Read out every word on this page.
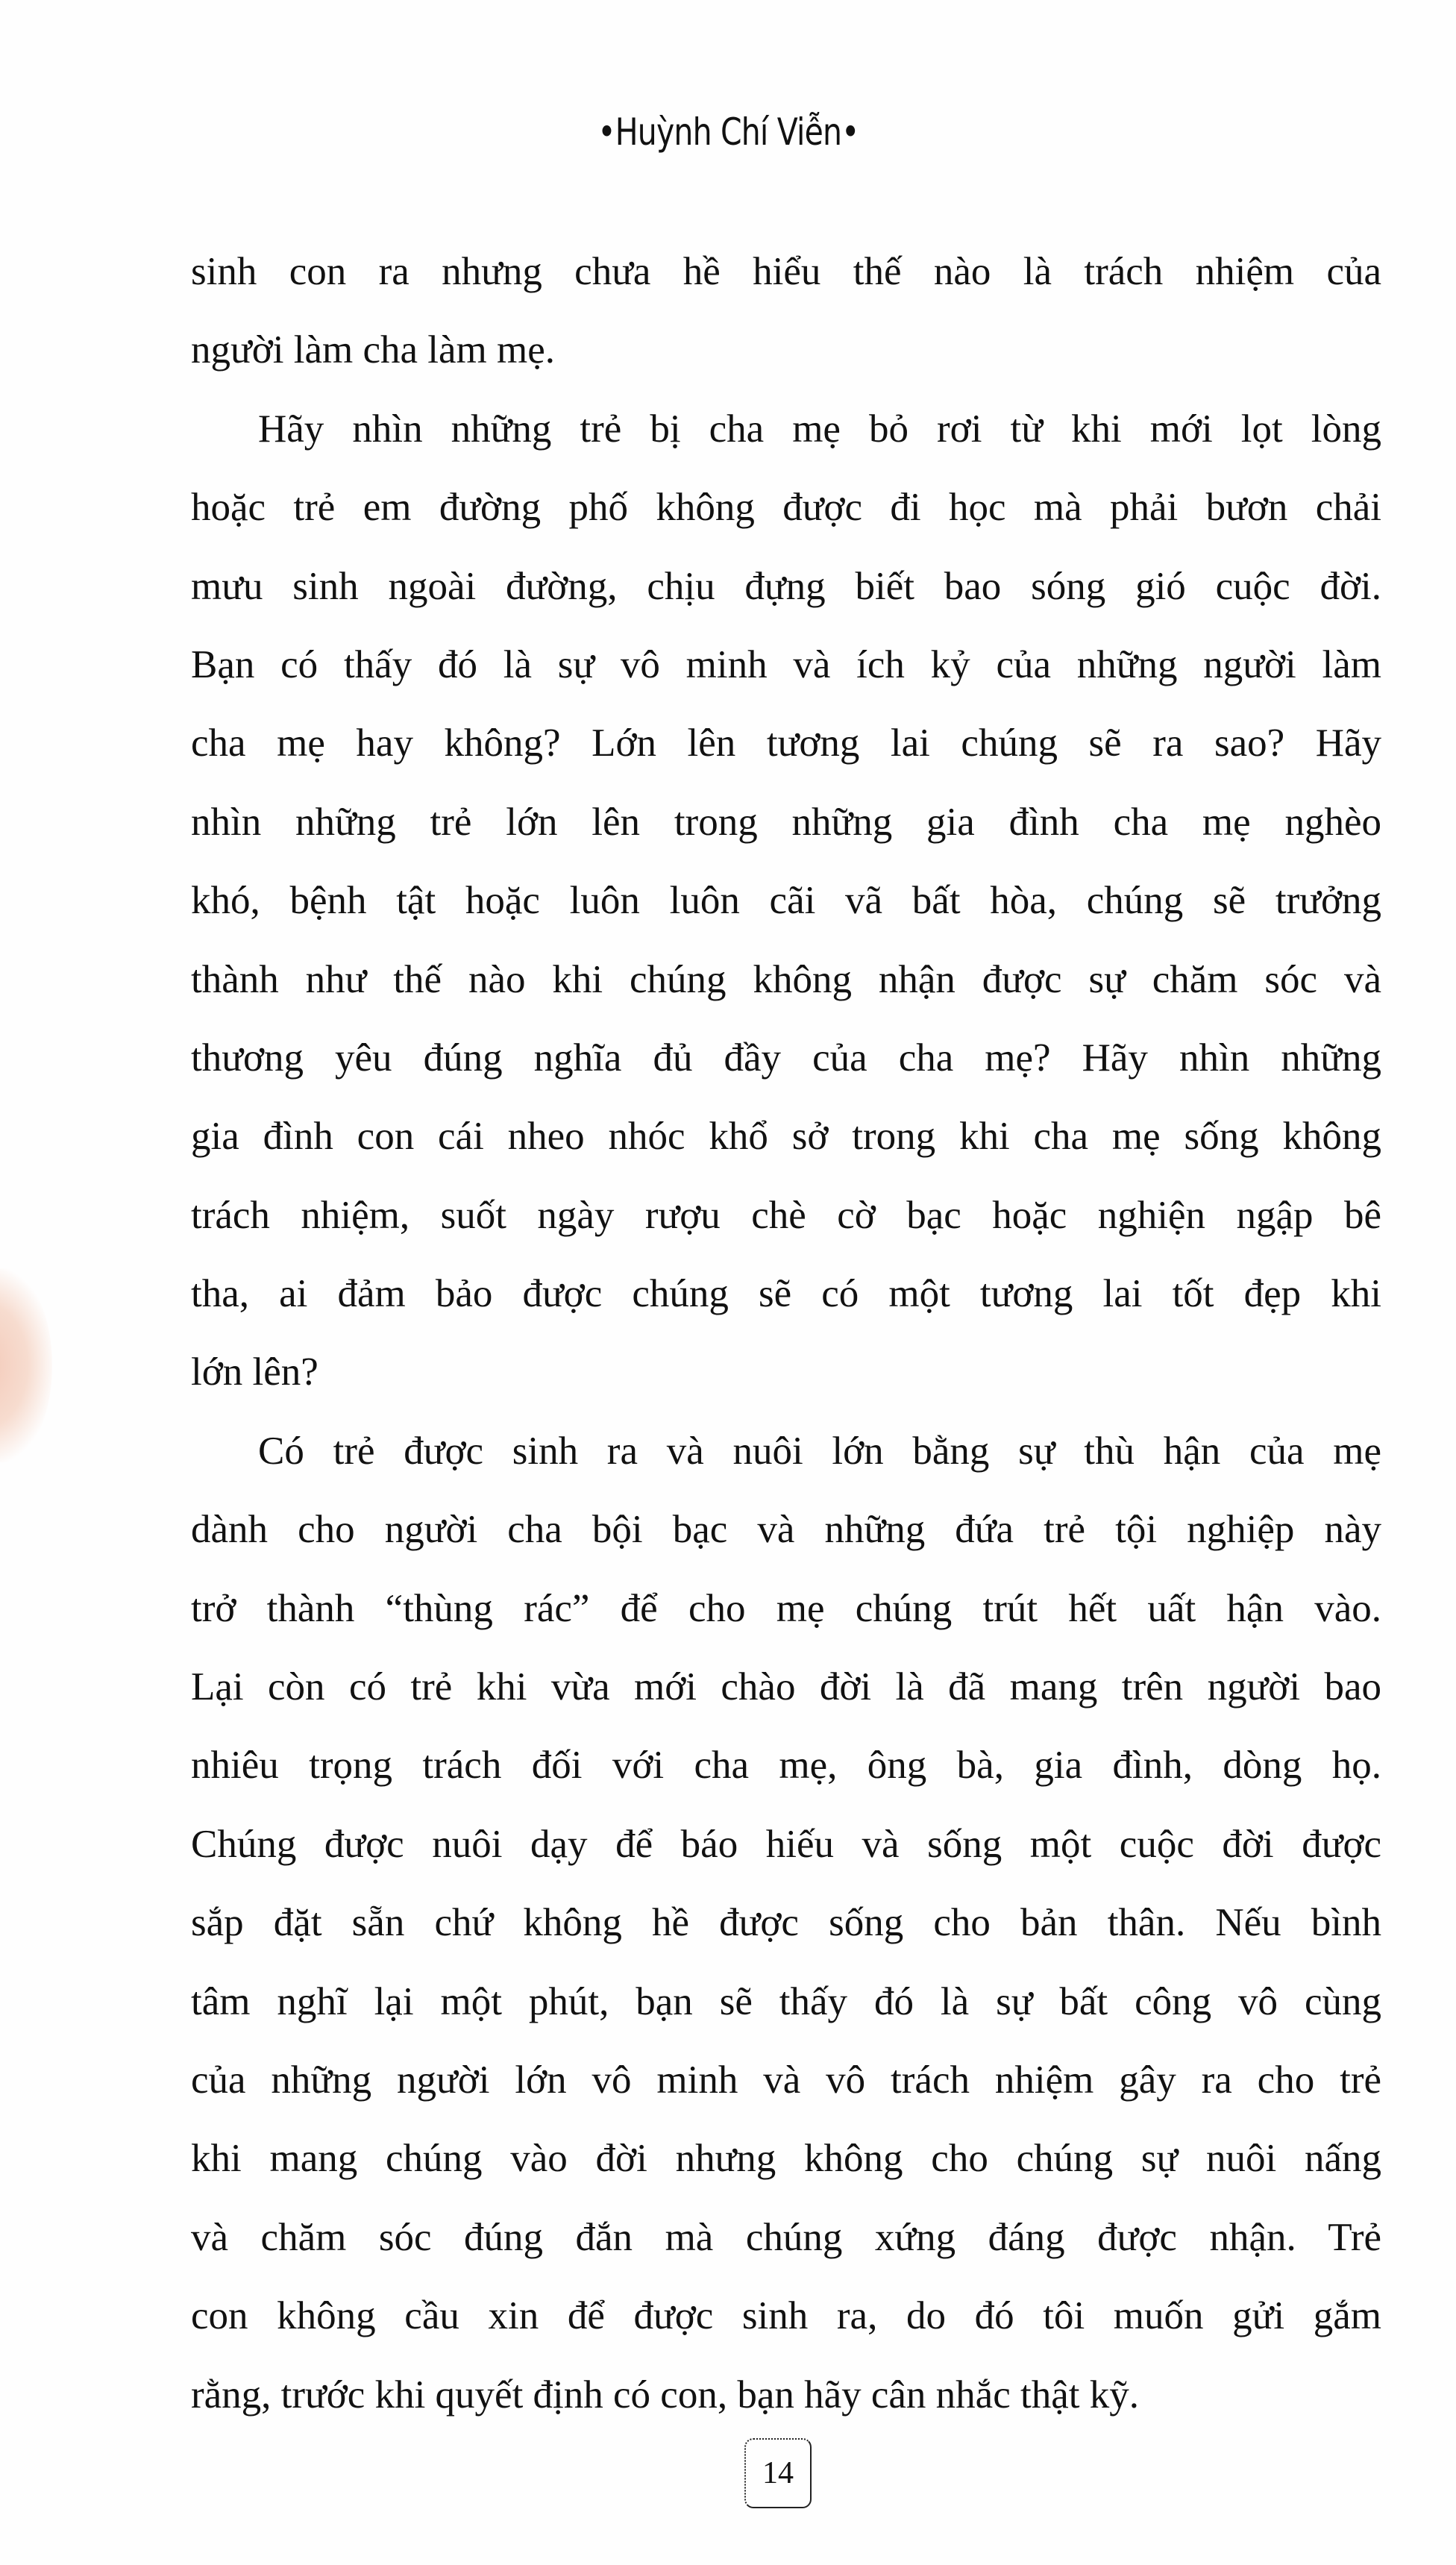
•Huỳnh Chí Viễn•
sinh con ra nhưng chưa hề hiểu thế nào là trách nhiệm của
người làm cha làm mẹ.
Hãy nhìn những trẻ bị cha mẹ bỏ rơi từ khi mới lọt lòng
hoặc trẻ em đường phố không được đi học mà phải bươn chải
mưu sinh ngoài đường, chịu đựng biết bao sóng gió cuộc đời.
Bạn có thấy đó là sự vô minh và ích kỷ của những người làm
cha mẹ hay không? Lớn lên tương lai chúng sẽ ra sao? Hãy
nhìn những trẻ lớn lên trong những gia đình cha mẹ nghèo
khó, bệnh tật hoặc luôn luôn cãi vã bất hòa, chúng sẽ trưởng
thành như thế nào khi chúng không nhận được sự chăm sóc và
thương yêu đúng nghĩa đủ đầy của cha mẹ? Hãy nhìn những
gia đình con cái nheo nhóc khổ sở trong khi cha mẹ sống không
trách nhiệm, suốt ngày rượu chè cờ bạc hoặc nghiện ngập bê
tha, ai đảm bảo được chúng sẽ có một tương lai tốt đẹp khi
lớn lên?
Có trẻ được sinh ra và nuôi lớn bằng sự thù hận của mẹ
dành cho người cha bội bạc và những đứa trẻ tội nghiệp này
trở thành “thùng rác” để cho mẹ chúng trút hết uất hận vào.
Lại còn có trẻ khi vừa mới chào đời là đã mang trên người bao
nhiêu trọng trách đối với cha mẹ, ông bà, gia đình, dòng họ.
Chúng được nuôi dạy để báo hiếu và sống một cuộc đời được
sắp đặt sẵn chứ không hề được sống cho bản thân. Nếu bình
tâm nghĩ lại một phút, bạn sẽ thấy đó là sự bất công vô cùng
của những người lớn vô minh và vô trách nhiệm gây ra cho trẻ
khi mang chúng vào đời nhưng không cho chúng sự nuôi nấng
và chăm sóc đúng đắn mà chúng xứng đáng được nhận. Trẻ
con không cầu xin để được sinh ra, do đó tôi muốn gửi gắm
rằng, trước khi quyết định có con, bạn hãy cân nhắc thật kỹ.
14
